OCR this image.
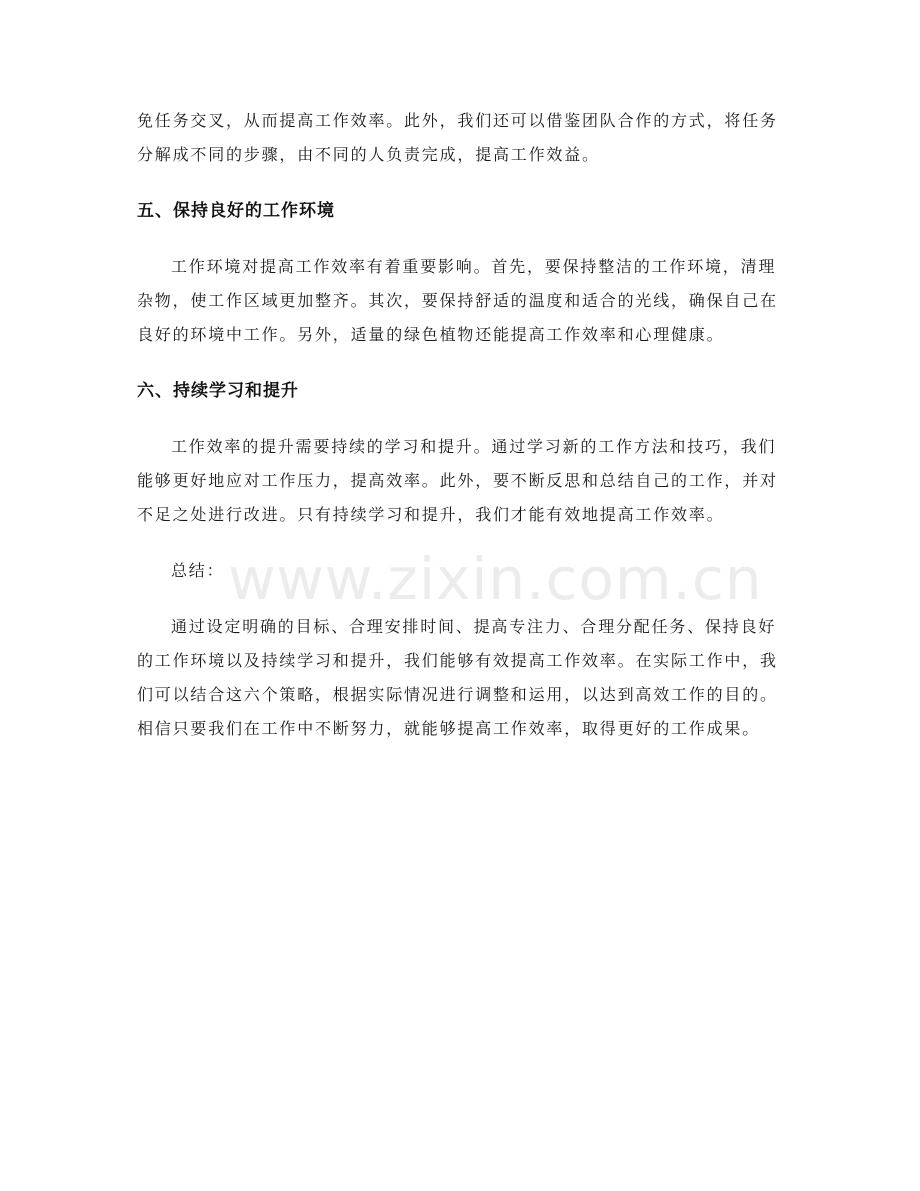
免任务交叉，从而提高工作效率。此外，我们还可以借鉴团队合作的方式，将任务

分解成不同的步骤，由不同的人负责完成，提高工作效益。

五、保持良好的工作环境

工作环境对提高工作效率有着重要影响。首先，要保持整洁的工作环境，清理

杂物，使工作区域更加整齐。其次，要保持舒适的温度和适合的光线，确保自己在

良好的环境中工作。另外，适量的绿色植物还能提高工作效率和心理健康。

六、持续学习和提升

工作效率的提升需要持续的学习和提升。通过学习新的工作方法和技巧，我们

能够更好地应对工作压力，提高效率。此外，要不断反思和总结自己的工作，并对

不足之处进行改进。只有持续学习和提升，我们才能有效地提高工作效率。

总结：

通过设定明确的目标、合理安排时间、提高专注力、合理分配任务、保持良好

的工作环境以及持续学习和提升，我们能够有效提高工作效率。在实际工作中，我

们可以结合这六个策略，根据实际情况进行调整和运用，以达到高效工作的目的。

相信只要我们在工作中不断努力，就能够提高工作效率，取得更好的工作成果。

www.zixin.com.cn
